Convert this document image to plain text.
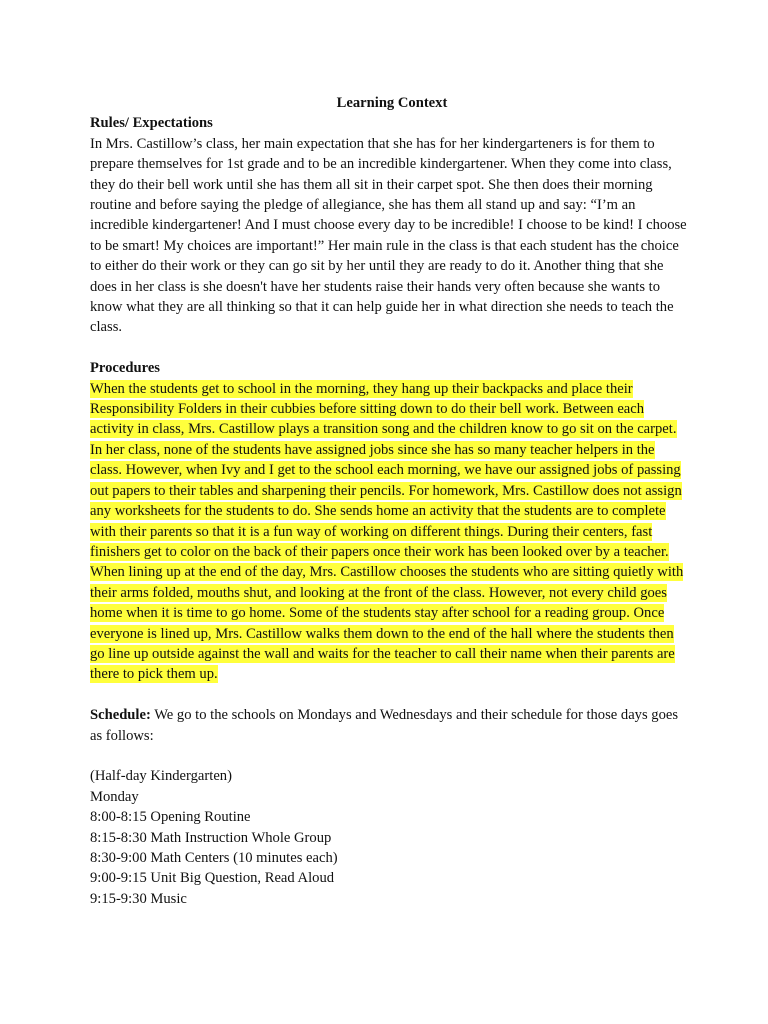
Learning Context

Rules/ Expectations

In Mrs. Castillow’s class, her main expectation that she has for her kindergarteners is for them to prepare themselves for 1st grade and to be an incredible kindergartener. When they come into class, they do their bell work until she has them all sit in their carpet spot. She then does their morning routine and before saying the pledge of allegiance, she has them all stand up and say: “I’m an incredible kindergartener! And I must choose every day to be incredible! I choose to be kind! I choose to be smart! My choices are important!” Her main rule in the class is that each student has the choice to either do their work or they can go sit by her until they are ready to do it. Another thing that she does in her class is she doesn't have her students raise their hands very often because she wants to know what they are all thinking so that it can help guide her in what direction she needs to teach the class.

Procedures

When the students get to school in the morning, they hang up their backpacks and place their Responsibility Folders in their cubbies before sitting down to do their bell work. Between each activity in class, Mrs. Castillow plays a transition song and the children know to go sit on the carpet. In her class, none of the students have assigned jobs since she has so many teacher helpers in the class. However, when Ivy and I get to the school each morning, we have our assigned jobs of passing out papers to their tables and sharpening their pencils. For homework, Mrs. Castillow does not assign any worksheets for the students to do. She sends home an activity that the students are to complete with their parents so that it is a fun way of working on different things. During their centers, fast finishers get to color on the back of their papers once their work has been looked over by a teacher. When lining up at the end of the day, Mrs. Castillow chooses the students who are sitting quietly with their arms folded, mouths shut, and looking at the front of the class. However, not every child goes home when it is time to go home. Some of the students stay after school for a reading group. Once everyone is lined up, Mrs. Castillow walks them down to the end of the hall where the students then go line up outside against the wall and waits for the teacher to call their name when their parents are there to pick them up.

Schedule: We go to the schools on Mondays and Wednesdays and their schedule for those days goes as follows:

(Half-day Kindergarten)

Monday

8:00-8:15 Opening Routine

8:15-8:30 Math Instruction Whole Group

8:30-9:00 Math Centers (10 minutes each)

9:00-9:15 Unit Big Question, Read Aloud

9:15-9:30 Music
